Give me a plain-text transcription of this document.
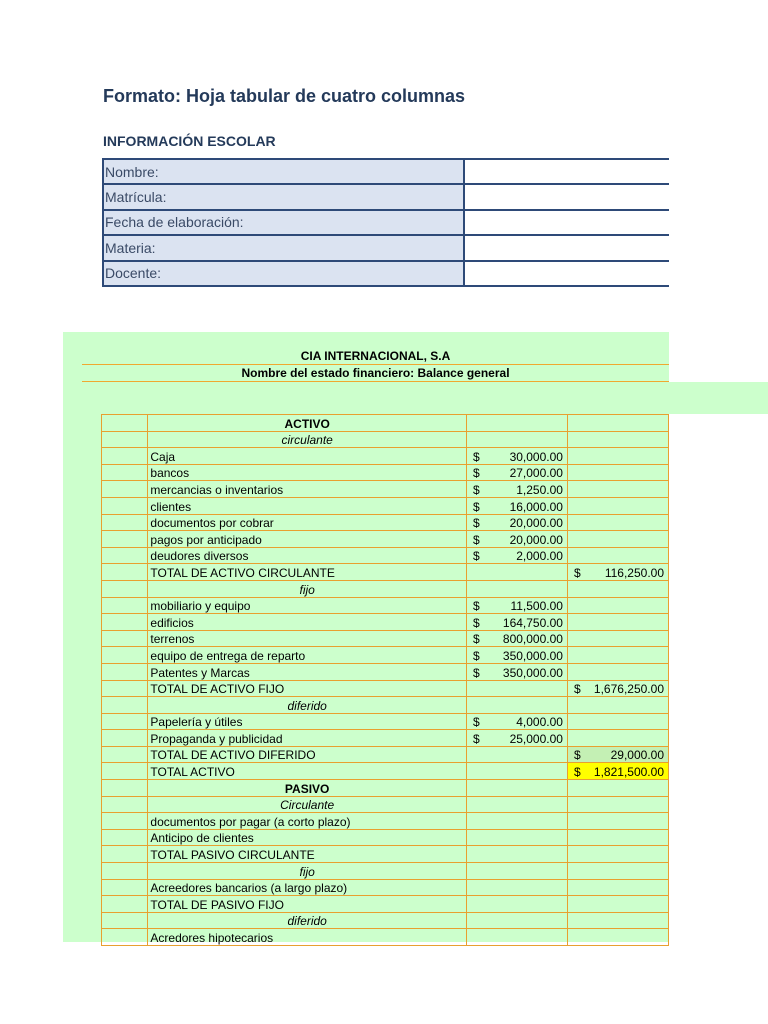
Formato: Hoja tabular de cuatro columnas
INFORMACIÓN ESCOLAR
Nombre:	
Matrícula:	
Fecha de elaboración:	
Materia:	
Docente:	

CIA INTERNACIONAL, S.A

Nombre del estado financiero: Balance general

	ACTIVO		
	circulante		
	Caja	$ 30,000.00	

	bancos	$ 27,000.00	

	mercancias o inventarios	$ 1,250.00	

	clientes	$ 16,000.00	

	documentos por cobrar	$ 20,000.00	

	pagos por anticipado	$ 20,000.00	

	deudores diversos	$ 2,000.00	

	TOTAL DE ACTIVO CIRCULANTE		$ 116,250.00

	fijo		
	mobiliario y equipo	$ 11,500.00	

	edificios	$ 164,750.00	

	terrenos	$ 800,000.00	

	equipo de entrega de reparto	$ 350,000.00	

	Patentes y Marcas	$ 350,000.00	

	TOTAL DE ACTIVO FIJO		$ 1,676,250.00

	diferido		
	Papelería y útiles	$ 4,000.00	

	Propaganda y publicidad	$ 25,000.00	

	TOTAL DE ACTIVO DIFERIDO		$ 29,000.00

	TOTAL ACTIVO		$ 1,821,500.00

	PASIVO		
	Circulante		
	documentos por pagar (a corto plazo)		
	Anticipo de clientes		
	TOTAL PASIVO CIRCULANTE		
	fijo		
	Acreedores bancarios (a largo plazo)		
	TOTAL DE PASIVO FIJO		
	diferido		
	Acredores hipotecarios		
